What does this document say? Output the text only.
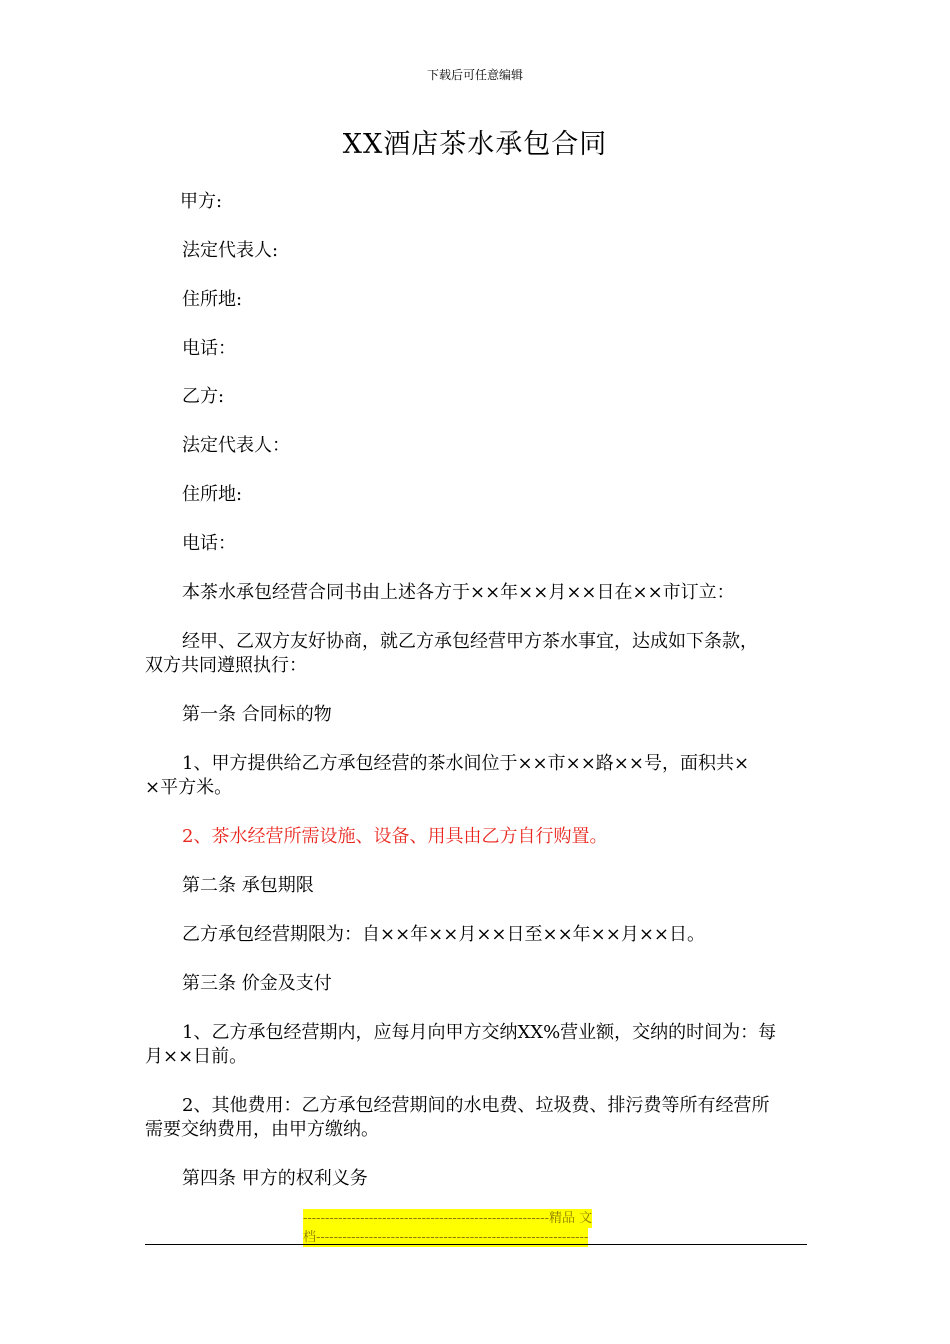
下载后可任意编辑
XX酒店茶水承包合同
甲方:
法定代表人:
住所地:
电话：
乙方:
法定代表人：
住所地:
电话：
本茶水承包经营合同书由上述各方于××年××月××日在××市订立：
经甲、乙双方友好协商，就乙方承包经营甲方茶水事宜，达成如下条款，
双方共同遵照执行：
第一条 合同标的物
1、甲方提供给乙方承包经营的茶水间位于××市××路××号，面积共×
×平方米。
2、茶水经营所需设施、设备、用具由乙方自行购置。
第二条 承包期限
乙方承包经营期限为：自××年××月××日至××年××月××日。
第三条 价金及支付
1、乙方承包经营期内，应每月向甲方交纳XX%营业额，交纳的时间为：每
月××日前。
2、其他费用：乙方承包经营期间的水电费、垃圾费、排污费等所有经营所
需要交纳费用，由甲方缴纳。
第四条 甲方的权利义务
--------------------------------------------------------精品 文
档--------------------------------------------------------------
